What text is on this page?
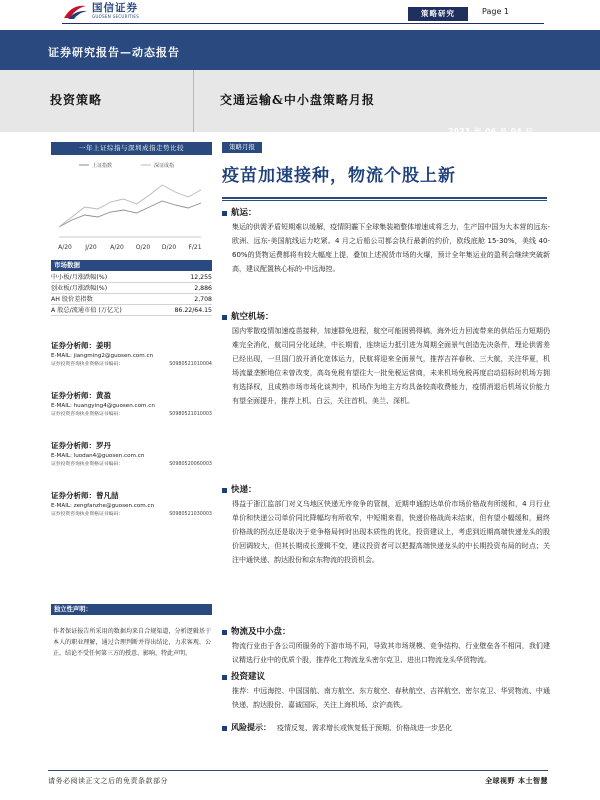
国信证券
GUOSEN SECURITIES	策略研究	Page 1
证券研究报告—动态报告
投资策略	交通运输&中小盘策略月报
2021 年 06 月 04 日
一年上证综指与深圳成指走势比较
上证指数	深证成指
A/20 J/20 A/20 O/20 D/20 F/21
市场数据
中小板/月涨跌幅(%)	12,255
创业板/月涨跌幅(%)	2,886
AH 股价差指数	2,708
A 股总/流通市值 (万亿元)	86.22/64.15
证券分析师：姜明
E-MAIL: jiangming2@guosen.com.cn
证券投资咨询执业资格证书编码：	S0980521010004
证券分析师：黄盈
E-MAIL: huangying4@guosen.com.cn
证券投资咨询执业资格证书编码：	S0980521010003
证券分析师：罗丹
E-MAIL: luodan4@guosen.com.cn
证券投资咨询执业资格证书编码：	S0980520060003
证券分析师：曾凡喆
E-MAIL: zengfanzhe@guosen.com.cn
证券投资咨询执业资格证书编码：	S0980521030003
独立性声明：
作者保证报告所采用的数据均来自合规渠道，分析逻辑基于本人的职业理解，通过合理判断并得出结论，力求客观、公正，结论不受任何第三方的授意、影响，特此声明。
策略月报
疫苗加速接种，物流个股上新
航运：
集运的供需矛盾短期难以缓解，疫情阴霾下全球集装箱整体增速成将乏力，生产国中国为大本营的远东-欧洲、远东-美国航线运力吃紧。4 月之后船公司都会执行最新的约价，欧线底舱 15-30%，美线 40-60%的货物运费都将有较大幅度上提，叠加上述视货市场的火爆，预计全年集运业的盈利会继续突破新高，建议配置核心标的-中远海控。
航空机场：
国内零散疫情加速疫苗接种，加速群免进程，航空可能困鸦得稿，海外近力回流带来的供给压力短期仍难完全消化，航司同分化延续，中长期看，连续运力抵引进为周期全面景气创造先决条件，理论供需差已经出现，一旦国门放开消化宽体运力，民航将迎来全面景气，推荐吉祥春秋、三大航，关注华夏，机场流量垄断地位未曾改变，高岛免税有望往大一批免税运营商，未来机场免税再度启动招标时机场方拥有选择权，且成熟市场市场化谈判中，机场作为地主方均具备较高收费能力，疫情消退后机场议价能力有望全面提升，推荐上机、白云，关注首机、美兰、深机。
快递：
得益于浙江监部门对义乌地区快递无序竞争的管制，近期申通韵达单价市场价格战有所缓和，4 月行业单价和快递公司单价同比降幅均有所收窄，中短期来看，快递价格战尚未结束，但有望小幅缓和，最终价格战的拐点还是取决于竞争格局何时出现本质性的优化，投资建议上，考虑到近期高端快递龙头的股价回调较大，但其长期成长逻辑不变，建议投资者可以把握高端快递龙头的中长期投资布局的时点；关注中通快递、韵达股份和京东物流的投资机会。
物流及中小盘：
物流行业由于各公司所服务的下游市场不同，导致其市场规模、竞争结构、行业壁垒各不相同，我们建议精选行业中的优质个股，推荐化工物流龙头密尔克卫、进出口物流龙头华贸物流。
投资建议
推荐：中远海控、中国国航、南方航空、东方航空、春秋航空、吉祥航空、密尔克卫、华贸物流、中通快递、韵达股份、嘉诚国际，关注上海机场、京沪高铁。
风险提示： 疫情反复、需求增长或恢复低于预期、价格战进一步恶化
请务必阅读正文之后的免责条款部分	全球视野 本土智慧
